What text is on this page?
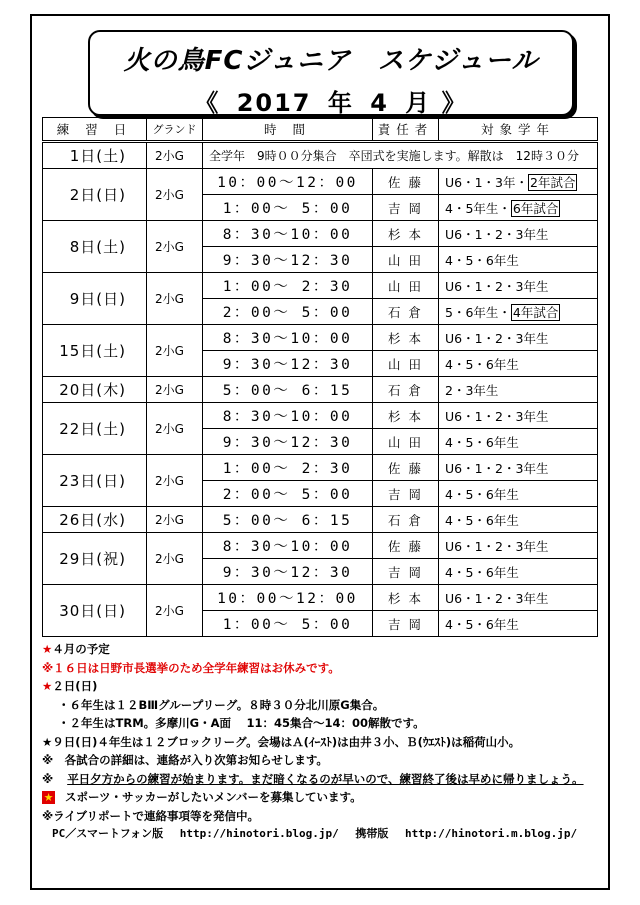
火の鳥FCジュニア　スケジュール
《 2017 年 4 月 》
練 習 日	グランド	時 間	責任者	対象学年
1日(土)	2小G	全学年　9時００分集合　卒団式を実施します。解散は　12時３０分		
2日(日)	2小G	10：00～12：00	佐藤	U6・1・3年・ 2年試合
		1：00～ 5：00	吉岡	4・5年生・ 6年試合
8日(土)	2小G	8：30～10：00	杉本	U6・1・2・3年生
		9：30～12：30	山田	4・5・6年生
9日(日)	2小G	1：00～ 2：30	山田	U6・1・2・3年生
		2：00～ 5：00	石倉	5・6年生・ 4年試合
15日(土)	2小G	8：30～10：00	杉本	U6・1・2・3年生
		9：30～12：30	山田	4・5・6年生
20日(木)	2小G	5：00～ 6：15	石倉	2・3年生
22日(土)	2小G	8：30～10：00	杉本	U6・1・2・3年生
		9：30～12：30	山田	4・5・6年生
23日(日)	2小G	1：00～ 2：30	佐藤	U6・1・2・3年生
		2：00～ 5：00	吉岡	4・5・6年生
26日(水)	2小G	5：00～ 6：15	石倉	4・5・6年生
29日(祝)	2小G	8：30～10：00	佐藤	U6・1・2・3年生
		9：30～12：30	吉岡	4・5・6年生
30日(日)	2小G	10：00～12：00	杉本	U6・1・2・3年生
		1：00～ 5：00	吉岡	4・5・6年生
★４月の予定
※１６日は日野市長選挙のため全学年練習はお休みです。
★２日(日)
・６年生は１２BⅢグループリーグ。８時３０分北川原G集合。
・２年生はTRM。多摩川G・A面　 11：45集合～14：00解散です。
★９日(日)４年生は１２ブロックリーグ。会場はＡ(ｲｰｽﾄ)は由井３小、Ｂ(ｳｴｽﾄ)は稲荷山小。
※　各試合の詳細は、連絡が入り次第お知らせします。
※ 平日夕方からの練習が始まります。まだ暗くなるのが早いので、練習終了後は早めに帰りましょう。
★ スポーツ・サッカーがしたいメンバーを募集しています。
※ライブリポートで連絡事項等を発信中。
PC／スマートフォン版 http://hinotori.blog.jp/ 携帯版 http://hinotori.m.blog.jp/
